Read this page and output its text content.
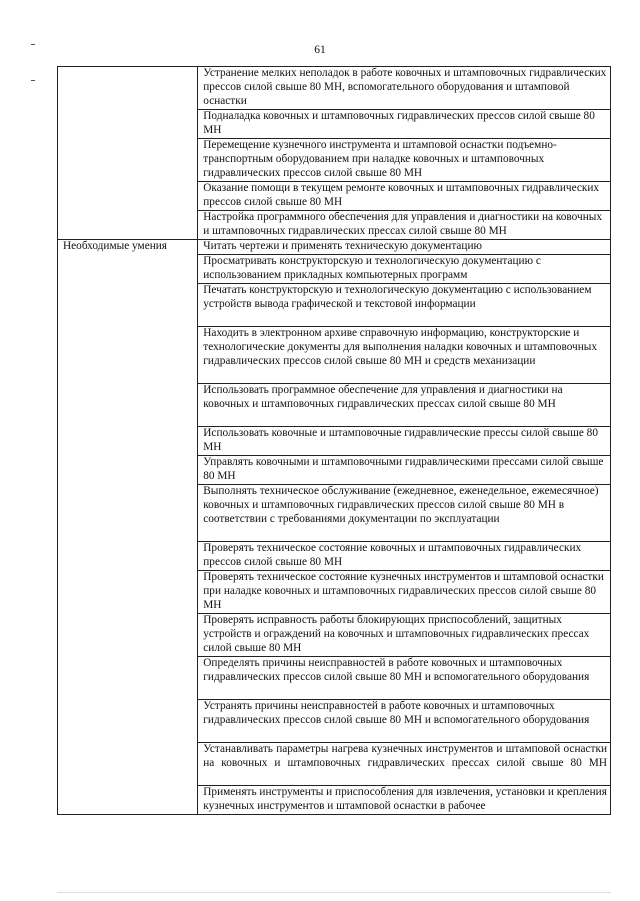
61
	Устранение мелких неполадок в работе ковочных и штамповочных гидравлических прессов силой свыше 80 МН, вспомогательного оборудования и штамповой оснастки
	Подналадка ковочных и штамповочных гидравлических прессов силой свыше 80 МН
	Перемещение кузнечного инструмента и штамповой оснастки подъемно-транспортным оборудованием при наладке ковочных и штамповочных гидравлических прессов силой свыше 80 МН
	Оказание помощи в текущем ремонте ковочных и штамповочных гидравлических прессов силой свыше 80 МН
	Настройка программного обеспечения для управления и диагностики на ковочных и штамповочных гидравлических прессах силой свыше 80 МН
Необходимые умения	Читать чертежи и применять техническую документацию
	Просматривать конструкторскую и технологическую документацию с использованием прикладных компьютерных программ
	Печатать конструкторскую и технологическую документацию с использованием устройств вывода графической и текстовой информации
	Находить в электронном архиве справочную информацию, конструкторские и технологические документы для выполнения наладки ковочных и штамповочных гидравлических прессов силой свыше 80 МН и средств механизации
	Использовать программное обеспечение для управления и диагностики на ковочных и штамповочных гидравлических прессах силой свыше 80 МН
	Использовать ковочные и штамповочные гидравлические прессы силой свыше 80 МН
	Управлять ковочными и штамповочными гидравлическими прессами силой свыше 80 МН
	Выполнять техническое обслуживание (ежедневное, еженедельное, ежемесячное) ковочных и штамповочных гидравлических прессов силой свыше 80 МН в соответствии с требованиями документации по эксплуатации
	Проверять техническое состояние ковочных и штамповочных гидравлических прессов силой свыше 80 МН
	Проверять техническое состояние кузнечных инструментов и штамповой оснастки при наладке ковочных и штамповочных гидравлических прессов силой свыше 80 МН
	Проверять исправность работы блокирующих приспособлений, защитных устройств и ограждений на ковочных и штамповочных гидравлических прессах силой свыше 80 МН
	Определять причины неисправностей в работе ковочных и штамповочных гидравлических прессов силой свыше 80 МН и вспомогательного оборудования
	Устранять причины неисправностей в работе ковочных и штамповочных гидравлических прессов силой свыше 80 МН и вспомогательного оборудования
	Устанавливать параметры нагрева кузнечных инструментов и штамповой оснастки на ковочных и штамповочных гидравлических прессах силой свыше 80 МН
	Применять инструменты и приспособления для извлечения, установки и крепления кузнечных инструментов и штамповой оснастки в рабочее
